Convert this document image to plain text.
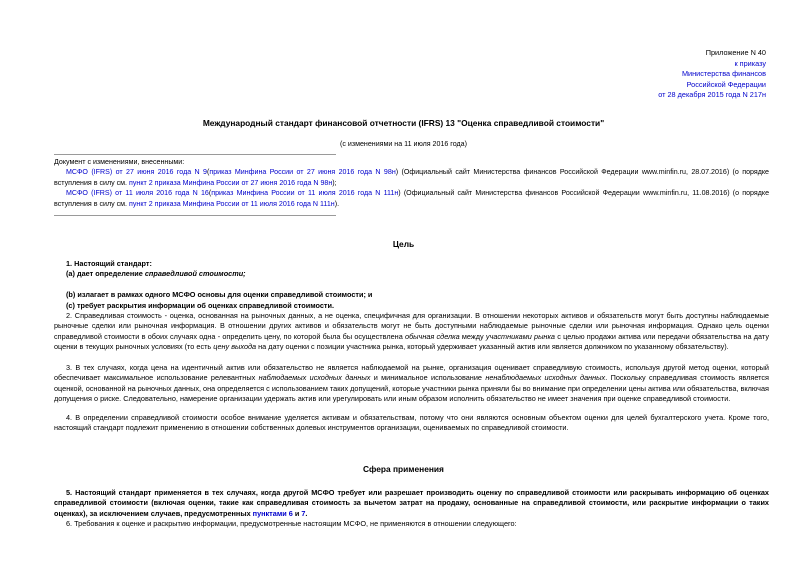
Приложение N 40
к приказу
Министерства финансов
Российской Федерации
от 28 декабря 2015 года N 217н
Международный стандарт финансовой отчетности (IFRS) 13 "Оценка справедливой стоимости"
(с изменениями на 11 июля 2016 года)

Документ с изменениями, внесенными:

МСФО (IFRS) от 27 июня 2016 года N 9(приказ Минфина России от 27 июня 2016 года N 98н) (Официальный сайт Министерства финансов Российской Федерации www.minfin.ru, 28.07.2016) (о порядке вступления в силу см. пункт 2 приказа Минфина России от 27 июня 2016 года N 98н);

МСФО (IFRS) от 11 июля 2016 года N 16(приказ Минфина России от 11 июля 2016 года N 111н) (Официальный сайт Министерства финансов Российской Федерации www.minfin.ru, 11.08.2016) (о порядке вступления в силу см. пункт 2 приказа Минфина России от 11 июля 2016 года N 111н).

Цель

1. Настоящий стандарт:

(а) дает определение справедливой стоимости;

(b) излагает в рамках одного МСФО основы для оценки справедливой стоимости; и

(с) требует раскрытия информации об оценках справедливой стоимости.

2. Справедливая стоимость - оценка, основанная на рыночных данных, а не оценка, специфичная для организации. В отношении некоторых активов и обязательств могут быть доступны наблюдаемые рыночные сделки или рыночная информация. В отношении других активов и обязательств могут не быть доступными наблюдаемые рыночные сделки или рыночная информация. Однако цель оценки справедливой стоимости в обоих случаях одна - определить цену, по которой была бы осуществлена обычная сделка между участниками рынка с целью продажи актива или передачи обязательства на дату оценки в текущих рыночных условиях (то есть цену выхода на дату оценки с позиции участника рынка, который удерживает указанный актив или является должником по указанному обязательству).

3. В тех случаях, когда цена на идентичный актив или обязательство не является наблюдаемой на рынке, организация оценивает справедливую стоимость, используя другой метод оценки, который обеспечивает максимальное использование релевантных наблюдаемых исходных данных и минимальное использование ненаблюдаемых исходных данных. Поскольку справедливая стоимость является оценкой, основанной на рыночных данных, она определяется с использованием таких допущений, которые участники рынка приняли бы во внимание при определении цены актива или обязательства, включая допущения о риске. Следовательно, намерение организации удержать актив или урегулировать или иным образом исполнить обязательство не имеет значения при оценке справедливой стоимости.

4. В определении справедливой стоимости особое внимание уделяется активам и обязательствам, потому что они являются основным объектом оценки для целей бухгалтерского учета. Кроме того, настоящий стандарт подлежит применению в отношении собственных долевых инструментов организации, оцениваемых по справедливой стоимости.

Сфера применения

5. Настоящий стандарт применяется в тех случаях, когда другой МСФО требует или разрешает производить оценку по справедливой стоимости или раскрывать информацию об оценках справедливой стоимости (включая оценки, такие как справедливая стоимость за вычетом затрат на продажу, основанные на справедливой стоимости, или раскрытие информации о таких оценках), за исключением случаев, предусмотренных пунктами 6 и 7.

6. Требования к оценке и раскрытию информации, предусмотренные настоящим МСФО, не применяются в отношении следующего:
